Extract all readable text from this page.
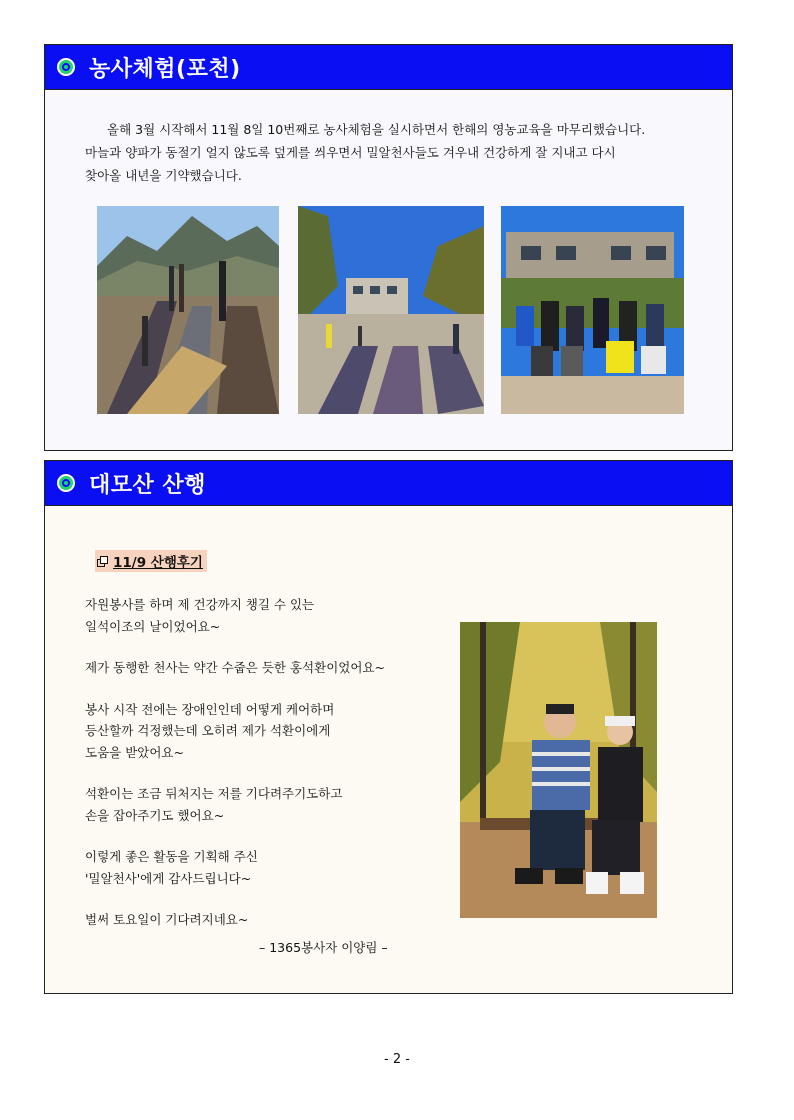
농사체험(포천)

올해 3월 시작해서 11월 8일 10번째로 농사체험을 실시하면서 한해의 영농교육을 마무리했습니다.

마늘과 양파가 동절기 얼지 않도록 덮게를 씌우면서 밀알천사들도 겨우내 건강하게 잘 지내고 다시

찾아올 내년을 기약했습니다.

대모산 산행
11/9 산행후기

자원봉사를 하며 제 건강까지 챙길 수 있는

일석이조의 날이었어요~

제가 동행한 천사는 약간 수줍은 듯한 홍석환이었어요~

봉사 시작 전에는 장애인인데 어떻게 케어하며

등산할까 걱정했는데 오히려 제가 석환이에게

도움을 받았어요~

석환이는 조금 뒤처지는 저를 기다려주기도하고

손을 잡아주기도 했어요~

이렇게 좋은 활동을 기획해 주신

'밀알천사'에게 감사드립니다~

벌써 토요일이 기다려지네요~

– 1365봉사자 이양림 –
- 2 -
